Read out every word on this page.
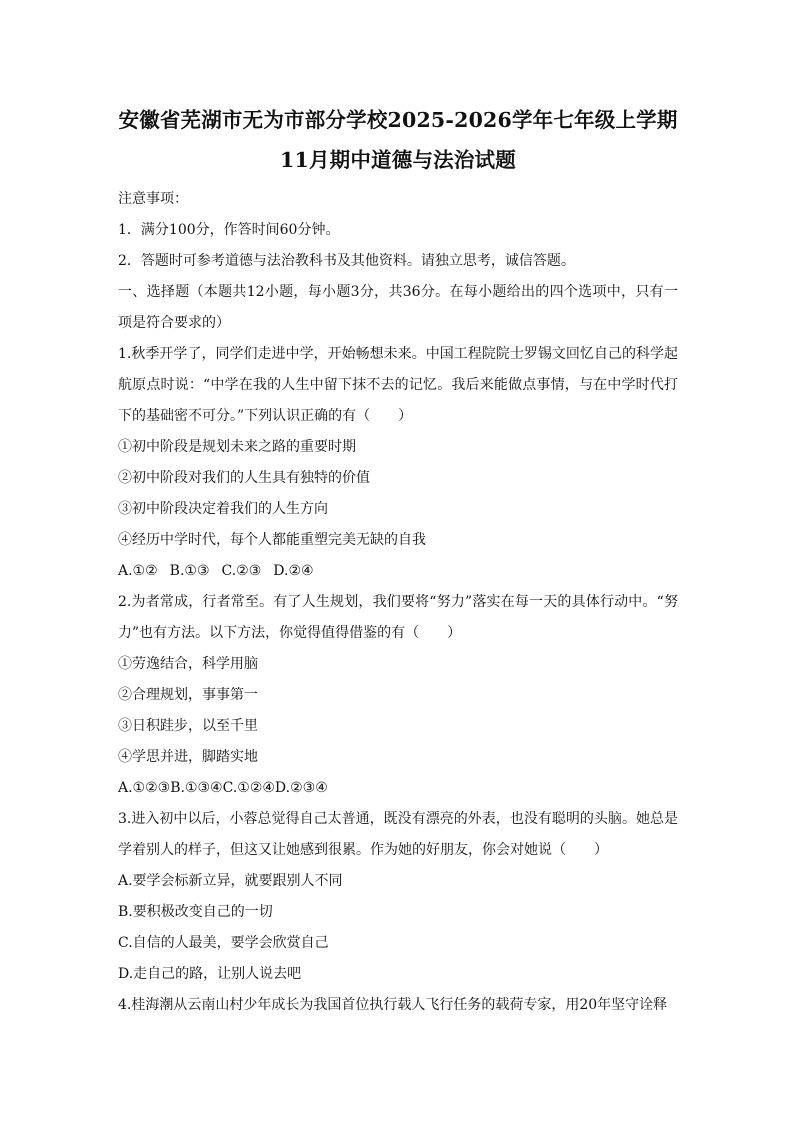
安徽省芜湖市无为市部分学校2025-2026学年七年级上学期
11月期中道德与法治试题

注意事项：

1．满分100分，作答时间60分钟。

2．答题时可参考道德与法治教科书及其他资料。请独立思考，诚信答题。

一、选择题（本题共12小题，每小题3分，共36分。在每小题给出的四个选项中，只有一项是符合要求的）

1.秋季开学了，同学们走进中学，开始畅想未来。中国工程院院士罗锡文回忆自己的科学起航原点时说：“中学在我的人生中留下抹不去的记忆。我后来能做点事情，与在中学时代打下的基础密不可分。”下列认识正确的有（　　）

①初中阶段是规划未来之路的重要时期

②初中阶段对我们的人生具有独特的价值

③初中阶段决定着我们的人生方向

④经历中学时代，每个人都能重塑完美无缺的自我

A.①② B.①③ C.②③ D.②④

2.为者常成，行者常至。有了人生规划，我们要将“努力”落实在每一天的具体行动中。“努力”也有方法。以下方法，你觉得值得借鉴的有（　　）

①劳逸结合，科学用脑

②合理规划，事事第一

③日积跬步，以至千里

④学思并进，脚踏实地

A.①②③B.①③④C.①②④D.②③④

3.进入初中以后，小蓉总觉得自己太普通，既没有漂亮的外表，也没有聪明的头脑。她总是学着别人的样子，但这又让她感到很累。作为她的好朋友，你会对她说（　　）

A.要学会标新立异，就要跟别人不同

B.要积极改变自己的一切

C.自信的人最美，要学会欣赏自己

D.走自己的路，让别人说去吧

4.桂海潮从云南山村少年成长为我国首位执行载人飞行任务的载荷专家，用20年坚守诠释
